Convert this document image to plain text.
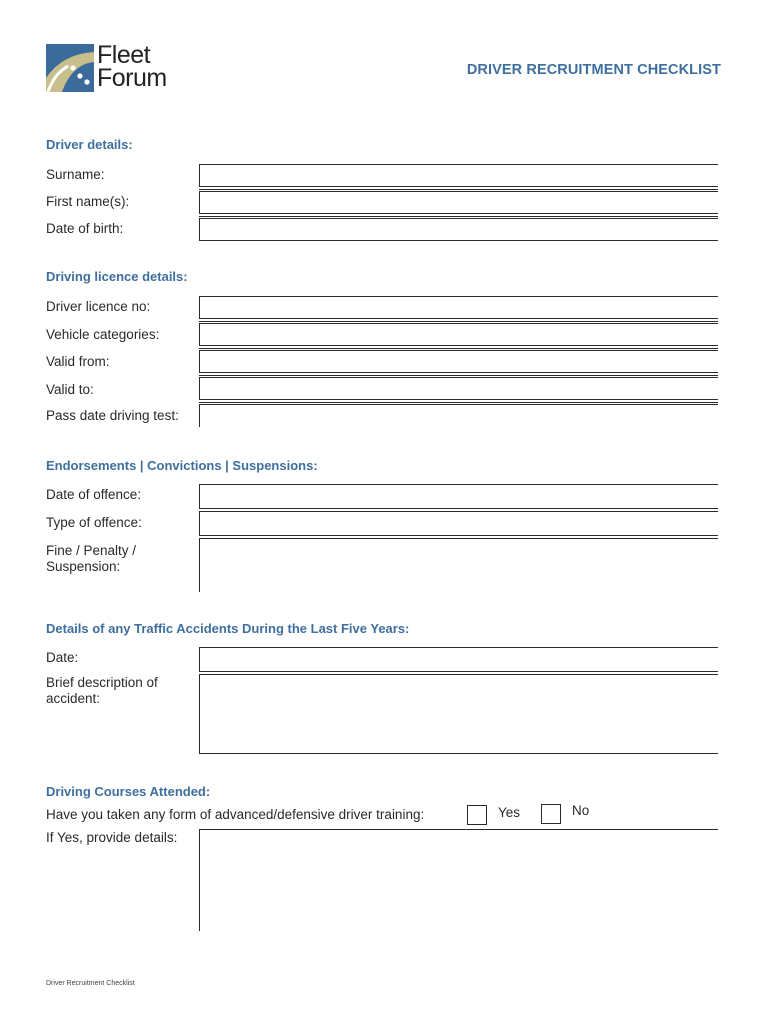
Fleet
Forum	DRIVER RECRUITMENT CHECKLIST
Driver details:
Surname:
First name(s):
Date of birth:
Driving licence details:
Driver licence no:
Vehicle categories:
Valid from:
Valid to:
Pass date driving test:
Endorsements | Convictions | Suspensions:
Date of offence:
Type of offence:
Fine / Penalty /
Suspension:
Details of any Traffic Accidents During the Last Five Years:
Date:
Brief description of
accident:
Driving Courses Attended:
Have you taken any form of advanced/defensive driver training:	Yes	No
If Yes, provide details:
Driver Recruitment Checklist
